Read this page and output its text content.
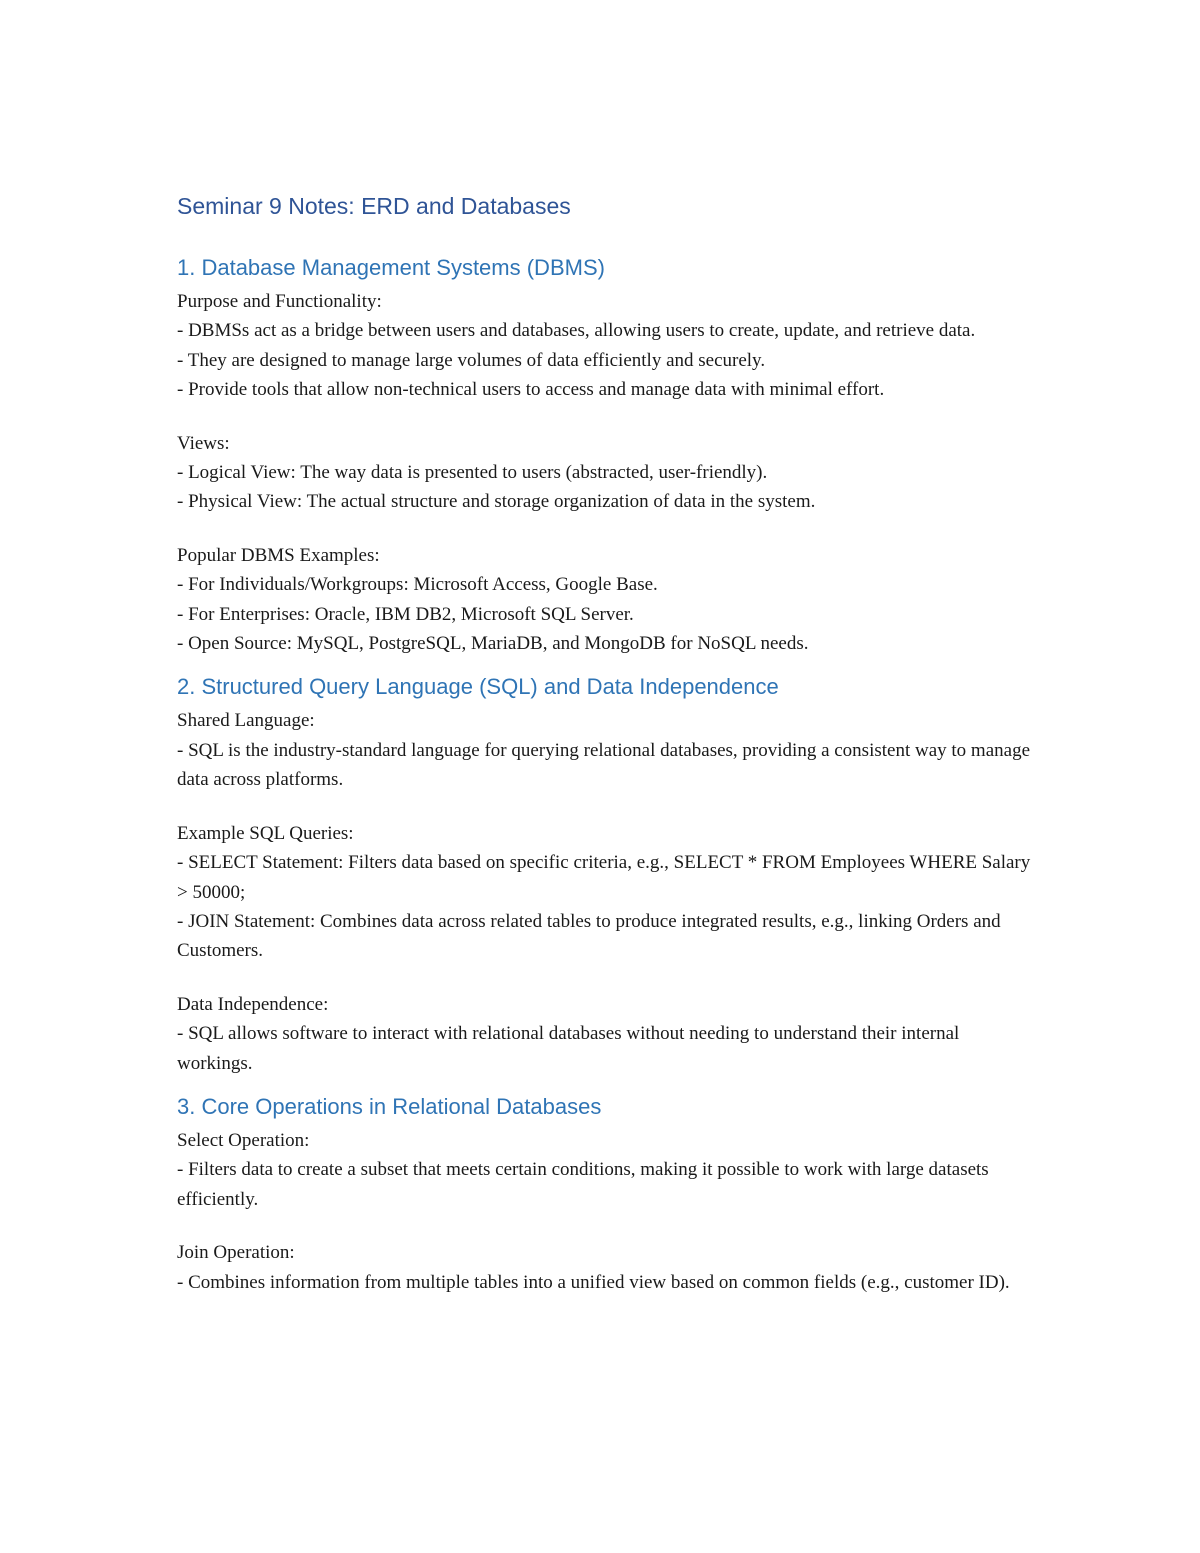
Seminar 9 Notes: ERD and Databases
1. Database Management Systems (DBMS)

Purpose and Functionality:

- DBMSs act as a bridge between users and databases, allowing users to create, update, and retrieve data.

- They are designed to manage large volumes of data efficiently and securely.

- Provide tools that allow non-technical users to access and manage data with minimal effort.

Views:

- Logical View: The way data is presented to users (abstracted, user-friendly).

- Physical View: The actual structure and storage organization of data in the system.

Popular DBMS Examples:

- For Individuals/Workgroups: Microsoft Access, Google Base.

- For Enterprises: Oracle, IBM DB2, Microsoft SQL Server.

- Open Source: MySQL, PostgreSQL, MariaDB, and MongoDB for NoSQL needs.

2. Structured Query Language (SQL) and Data Independence

Shared Language:

- SQL is the industry-standard language for querying relational databases, providing a consistent way to manage data across platforms.

Example SQL Queries:

- SELECT Statement: Filters data based on specific criteria, e.g., SELECT * FROM Employees WHERE Salary > 50000;

- JOIN Statement: Combines data across related tables to produce integrated results, e.g., linking Orders and Customers.

Data Independence:

- SQL allows software to interact with relational databases without needing to understand their internal workings.

3. Core Operations in Relational Databases

Select Operation:

- Filters data to create a subset that meets certain conditions, making it possible to work with large datasets efficiently.

Join Operation:

- Combines information from multiple tables into a unified view based on common fields (e.g., customer ID).
